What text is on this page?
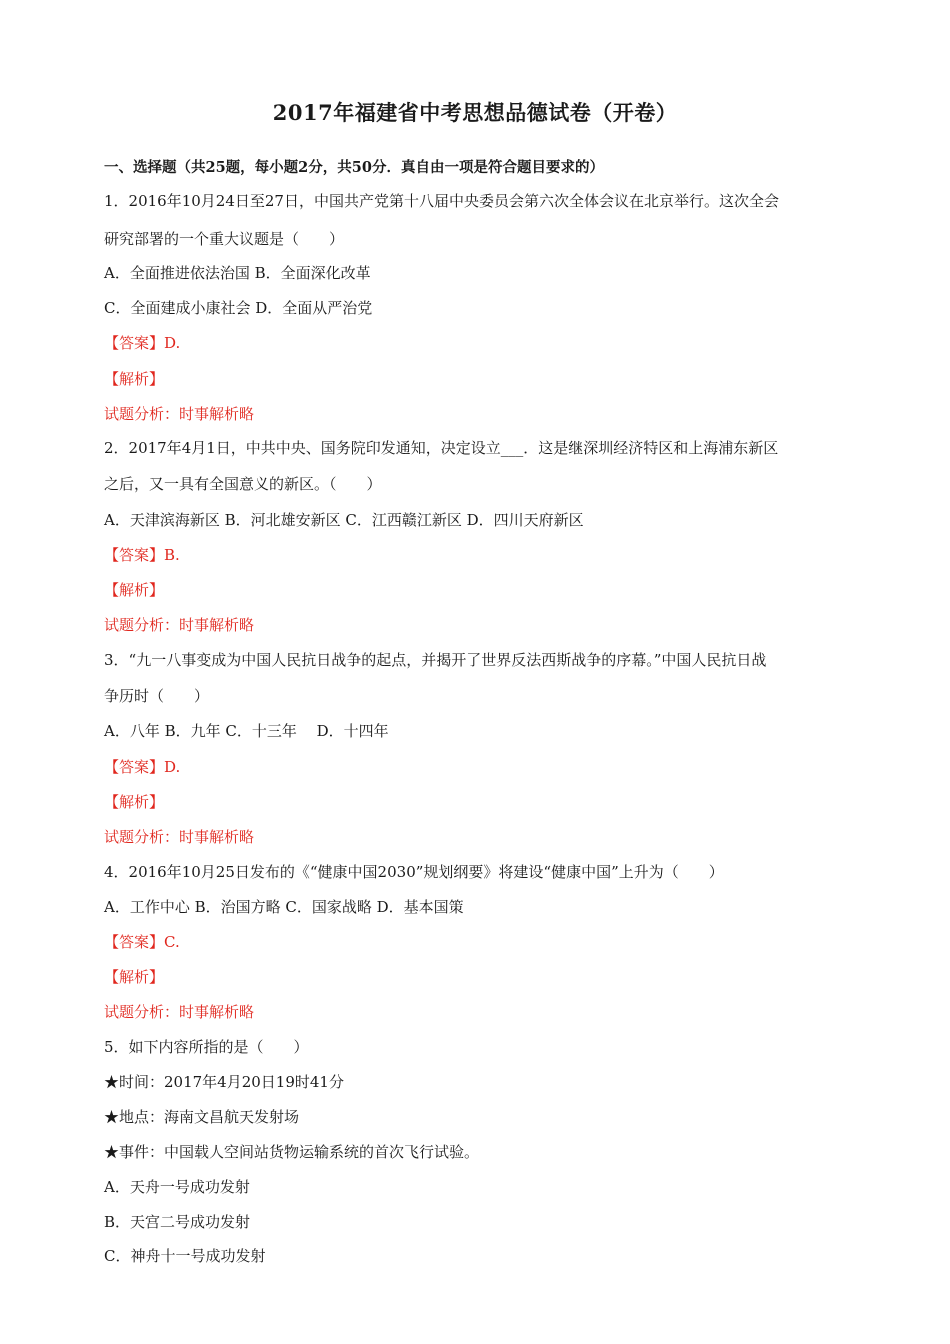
2017年福建省中考思想品德试卷（开卷）
一、选择题（共25题，每小题2分，共50分．真自由一项是符合题目要求的）
1．2016年10月24日至27日，中国共产党第十八届中央委员会第六次全体会议在北京举行。这次全会
研究部署的一个重大议题是（　　）
A．全面推进依法治国 B．全面深化改革
C．全面建成小康社会 D．全面从严治党
【答案】D.
【解析】
试题分析：时事解析略
2．2017年4月1日，中共中央、国务院印发通知，决定设立___．这是继深圳经济特区和上海浦东新区
之后，又一具有全国意义的新区。（　　）
A．天津滨海新区 B．河北雄安新区 C．江西赣江新区 D．四川天府新区
【答案】B.
【解析】
试题分析：时事解析略
3．“九一八事变成为中国人民抗日战争的起点，并揭开了世界反法西斯战争的序幕。”中国人民抗日战
争历时（　　）
A．八年 B．九年 C．十三年　 D．十四年
【答案】D.
【解析】
试题分析：时事解析略
4．2016年10月25日发布的《“健康中国2030”规划纲要》将建设“健康中国”上升为（　　）
A．工作中心 B．治国方略 C．国家战略 D．基本国策
【答案】C.
【解析】
试题分析：时事解析略
5．如下内容所指的是（　　）
★时间：2017年4月20日19时41分
★地点：海南文昌航天发射场
★事件：中国载人空间站货物运输系统的首次飞行试验。
A．天舟一号成功发射
B．天宫二号成功发射
C．神舟十一号成功发射
